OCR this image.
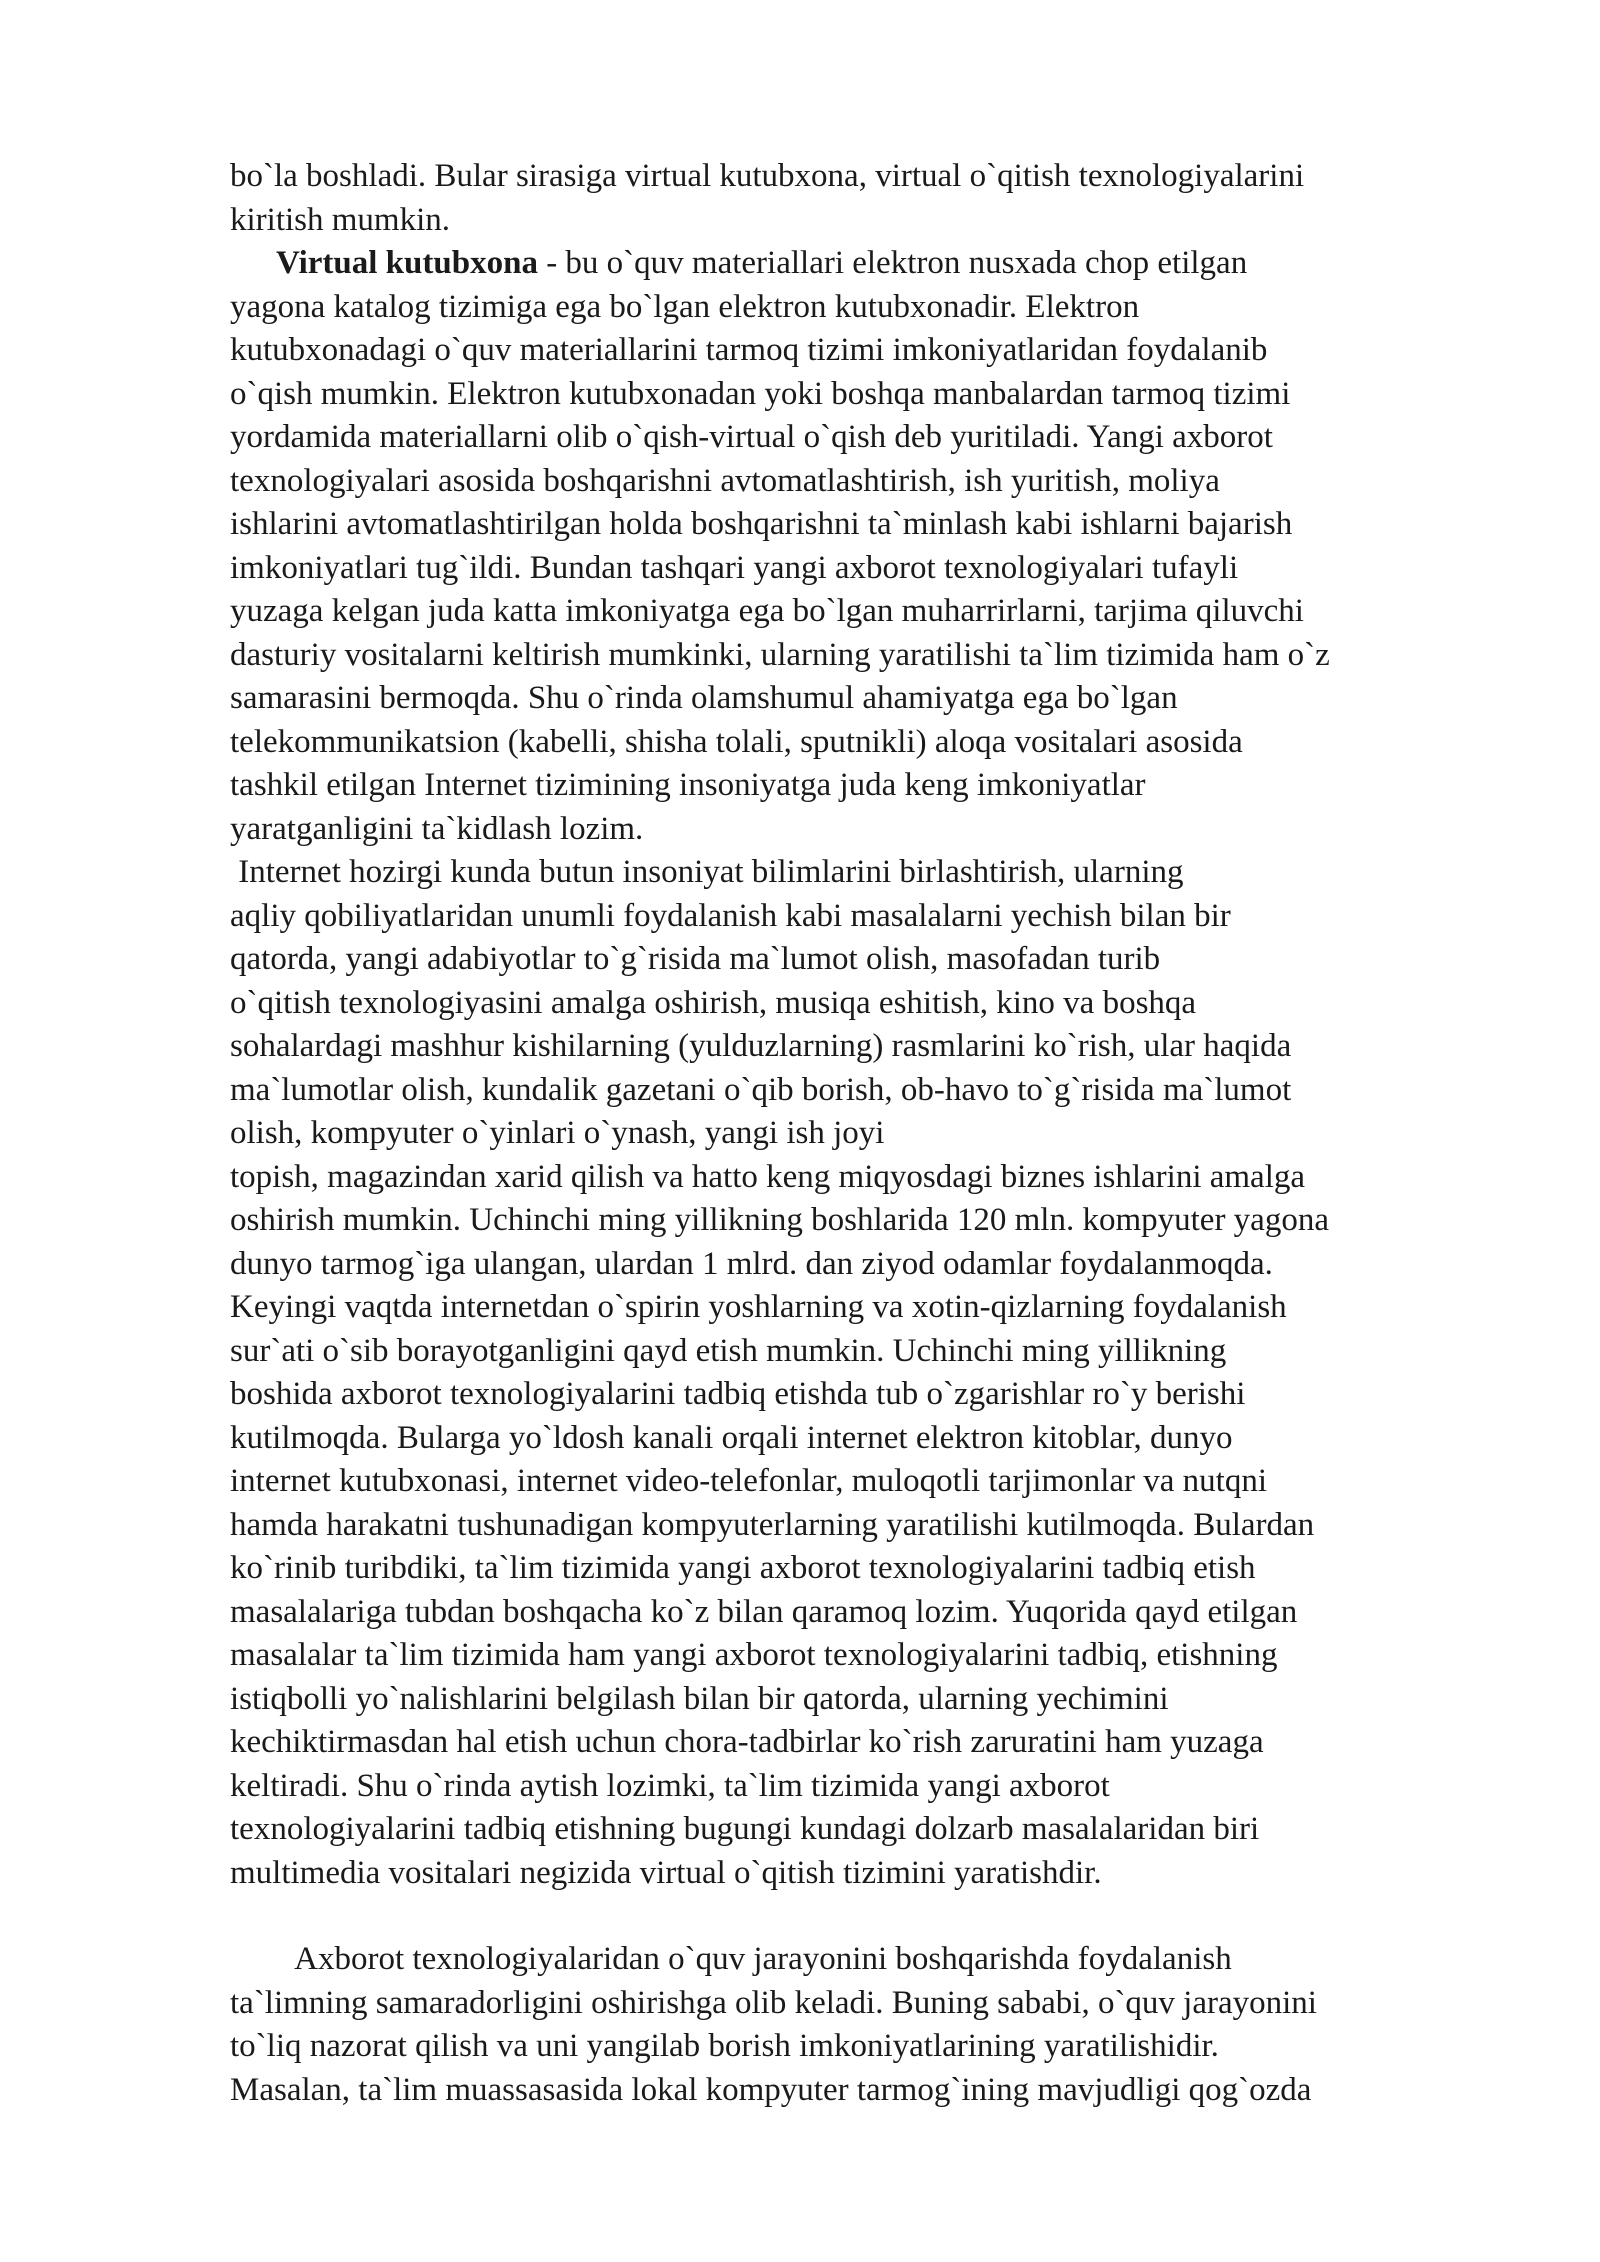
bo`la boshladi. Bular sirasiga virtual kutubxona, virtual o`qitish texnologiyalarini
kiritish mumkin.
Virtual kutubxona - bu o`quv materiallari elektron nusxada chop etilgan
yagona katalog tizimiga ega bo`lgan elektron kutubxonadir. Elektron
kutubxonadagi o`quv materiallarini tarmoq tizimi imkoniyatlaridan foydalanib
o`qish mumkin. Elektron kutubxonadan yoki boshqa manbalardan tarmoq tizimi
yordamida materiallarni olib o`qish-virtual o`qish deb yuritiladi. Yangi axborot
texnologiyalari asosida boshqarishni avtomatlashtirish, ish yuritish, moliya
ishlarini avtomatlashtirilgan holda boshqarishni ta`minlash kabi ishlarni bajarish
imkoniyatlari tug`ildi. Bundan tashqari yangi axborot texnologiyalari tufayli
yuzaga kelgan juda katta imkoniyatga ega bo`lgan muharrirlarni, tarjima qiluvchi
dasturiy vositalarni keltirish mumkinki, ularning yaratilishi ta`lim tizimida ham o`z
samarasini bermoqda. Shu o`rinda olamshumul ahamiyatga ega bo`lgan
telekommunikatsion (kabelli, shisha tolali, sputnikli) aloqa vositalari asosida
tashkil etilgan Internet tizimining insoniyatga juda keng imkoniyatlar
yaratganligini ta`kidlash lozim.
Internet hozirgi kunda butun insoniyat bilimlarini birlashtirish, ularning
aqliy qobiliyatlaridan unumli foydalanish kabi masalalarni yechish bilan bir
qatorda, yangi adabiyotlar to`g`risida ma`lumot olish, masofadan turib
o`qitish texnologiyasini amalga oshirish, musiqa eshitish, kino va boshqa
sohalardagi mashhur kishilarning (yulduzlarning) rasmlarini ko`rish, ular haqida
ma`lumotlar olish, kundalik gazetani o`qib borish, ob-havo to`g`risida ma`lumot
olish, kompyuter o`yinlari o`ynash, yangi ish joyi
topish, magazindan xarid qilish va hatto keng miqyosdagi biznes ishlarini amalga
oshirish mumkin. Uchinchi ming yillikning boshlarida 120 mln. kompyuter yagona
dunyo tarmog`iga ulangan, ulardan 1 mlrd. dan ziyod odamlar foydalanmoqda.
Keyingi vaqtda internetdan o`spirin yoshlarning va xotin-qizlarning foydalanish
sur`ati o`sib borayotganligini qayd etish mumkin. Uchinchi ming yillikning
boshida axborot texnologiyalarini tadbiq etishda tub o`zgarishlar ro`y berishi
kutilmoqda. Bularga yo`ldosh kanali orqali internet elektron kitoblar, dunyo
internet kutubxonasi, internet video-telefonlar, muloqotli tarjimonlar va nutqni
hamda harakatni tushunadigan kompyuterlarning yaratilishi kutilmoqda. Bulardan
ko`rinib turibdiki, ta`lim tizimida yangi axborot texnologiyalarini tadbiq etish
masalalariga tubdan boshqacha ko`z bilan qaramoq lozim. Yuqorida qayd etilgan
masalalar ta`lim tizimida ham yangi axborot texnologiyalarini tadbiq, etishning
istiqbolli yo`nalishlarini belgilash bilan bir qatorda, ularning yechimini
kechiktirmasdan hal etish uchun chora-tadbirlar ko`rish zaruratini ham yuzaga
keltiradi. Shu o`rinda aytish lozimki, ta`lim tizimida yangi axborot
texnologiyalarini tadbiq etishning bugungi kundagi dolzarb masalalaridan biri
multimedia vositalari negizida virtual o`qitish tizimini yaratishdir.
Axborot texnologiyalaridan o`quv jarayonini boshqarishda foydalanish
ta`limning samaradorligini oshirishga olib keladi. Buning sababi, o`quv jarayonini
to`liq nazorat qilish va uni yangilab borish imkoniyatlarining yaratilishidir.
Masalan, ta`lim muassasasida lokal kompyuter tarmog`ining mavjudligi qog`ozda
